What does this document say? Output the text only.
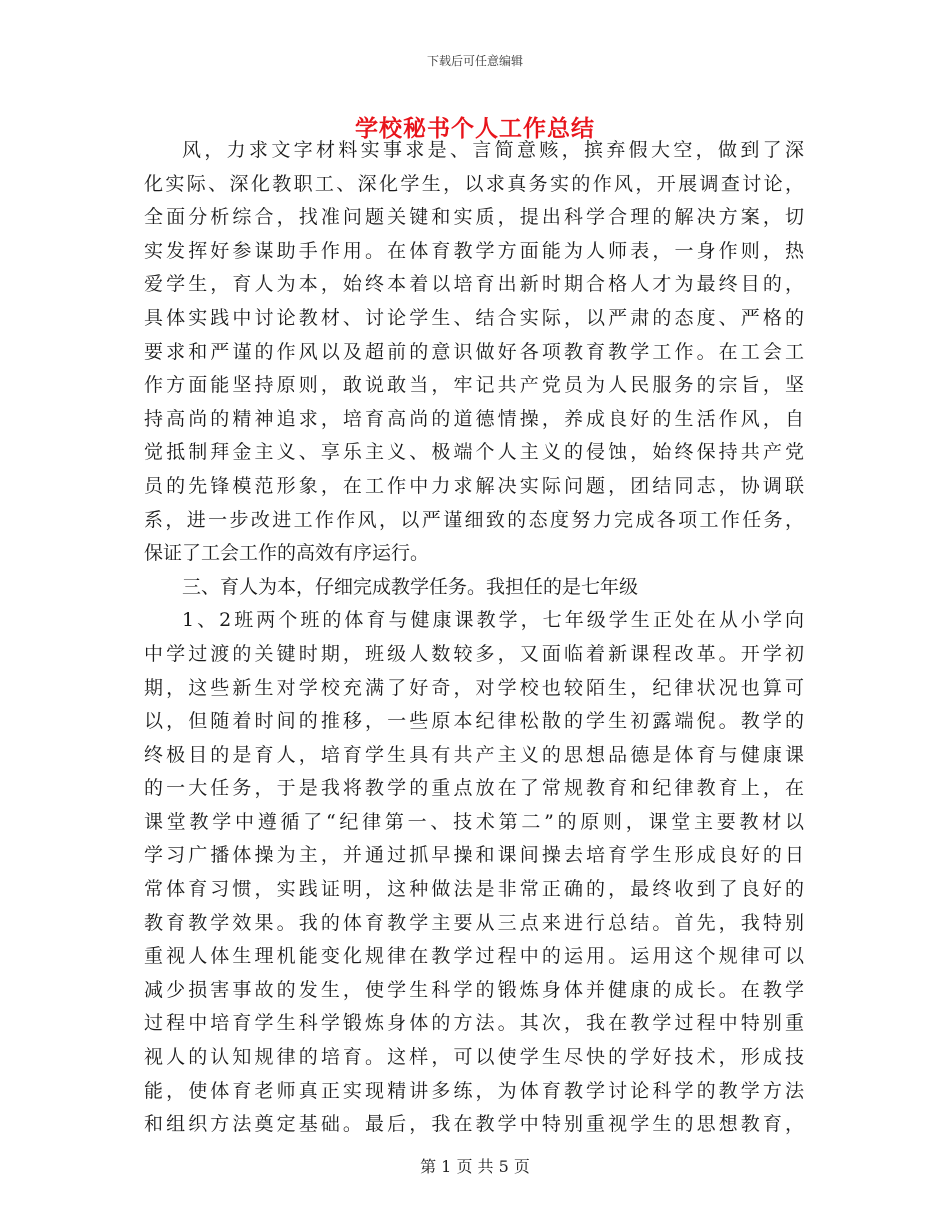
下载后可任意编辑
学校秘书个人工作总结
风，力求文字材料实事求是、言简意赅，摈弃假大空，做到了深
化实际、深化教职工、深化学生，以求真务实的作风，开展调查讨论，
全面分析综合，找准问题关键和实质，提出科学合理的解决方案，切
实发挥好参谋助手作用。在体育教学方面能为人师表，一身作则，热
爱学生，育人为本，始终本着以培育出新时期合格人才为最终目的，
具体实践中讨论教材、讨论学生、结合实际，以严肃的态度、严格的
要求和严谨的作风以及超前的意识做好各项教育教学工作。在工会工
作方面能坚持原则，敢说敢当，牢记共产党员为人民服务的宗旨，坚
持高尚的精神追求，培育高尚的道德情操，养成良好的生活作风，自
觉抵制拜金主义、享乐主义、极端个人主义的侵蚀，始终保持共产党
员的先锋模范形象，在工作中力求解决实际问题，团结同志，协调联
系，进一步改进工作作风，以严谨细致的态度努力完成各项工作任务，
保证了工会工作的高效有序运行。
三、育人为本，仔细完成教学任务。我担任的是七年级
1、2班两个班的体育与健康课教学，七年级学生正处在从小学向
中学过渡的关键时期，班级人数较多，又面临着新课程改革。开学初
期，这些新生对学校充满了好奇，对学校也较陌生，纪律状况也算可
以，但随着时间的推移，一些原本纪律松散的学生初露端倪。教学的
终极目的是育人，培育学生具有共产主义的思想品德是体育与健康课
的一大任务，于是我将教学的重点放在了常规教育和纪律教育上，在
课堂教学中遵循了“纪律第一、技术第二”的原则，课堂主要教材以
学习广播体操为主，并通过抓早操和课间操去培育学生形成良好的日
常体育习惯，实践证明，这种做法是非常正确的，最终收到了良好的
教育教学效果。我的体育教学主要从三点来进行总结。首先，我特别
重视人体生理机能变化规律在教学过程中的运用。运用这个规律可以
减少损害事故的发生，使学生科学的锻炼身体并健康的成长。在教学
过程中培育学生科学锻炼身体的方法。其次，我在教学过程中特别重
视人的认知规律的培育。这样，可以使学生尽快的学好技术，形成技
能，使体育老师真正实现精讲多练，为体育教学讨论科学的教学方法
和组织方法奠定基础。最后，我在教学中特别重视学生的思想教育，
第 1 页 共 5 页
